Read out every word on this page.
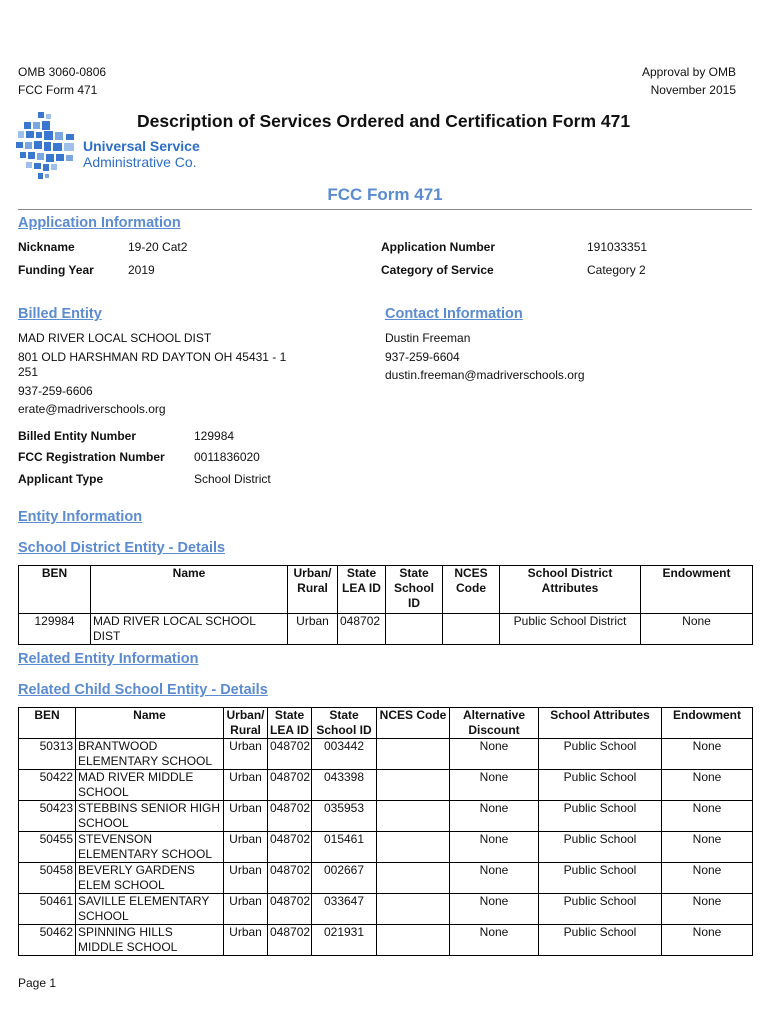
OMB 3060-0806
FCC Form 471
Approval by OMB
November 2015
Description of Services Ordered and Certification Form 471
Universal Service
Administrative Co.
FCC Form 471
Application Information
Nickname	19-20 Cat2
Funding Year	2019
Application Number	191033351
Category of Service	Category 2
Billed Entity
MAD RIVER LOCAL SCHOOL DIST
801 OLD HARSHMAN RD DAYTON OH 45431 - 1
251
937-259-6606
erate@madriverschools.org
Billed Entity Number	129984
FCC Registration Number 0011836020
Applicant Type	School District
Contact Information
Dustin Freeman
937-259-6604
dustin.freeman@madriverschools.org
Entity Information
School District Entity - Details
BEN	Name	Urban/ Rural	State LEA ID	State School ID	NCES Code	School District Attributes	Endowment
129984	MAD RIVER LOCAL SCHOOL DIST	Urban	048702			Public School District	None
Related Entity Information
Related Child School Entity - Details
BEN	Name	Urban/ Rural	State LEA ID	State School ID	NCES Code	Alternative Discount	School Attributes	Endowment
50313	BRANTWOOD ELEMENTARY SCHOOL	Urban	048702	003442		None	Public School	None
50422	MAD RIVER MIDDLE SCHOOL	Urban	048702	043398		None	Public School	None
50423	STEBBINS SENIOR HIGH SCHOOL	Urban	048702	035953		None	Public School	None
50455	STEVENSON ELEMENTARY SCHOOL	Urban	048702	015461		None	Public School	None
50458	BEVERLY GARDENS ELEM SCHOOL	Urban	048702	002667		None	Public School	None
50461	SAVILLE ELEMENTARY SCHOOL	Urban	048702	033647		None	Public School	None
50462	SPINNING HILLS MIDDLE SCHOOL	Urban	048702	021931		None	Public School	None
Page 1
